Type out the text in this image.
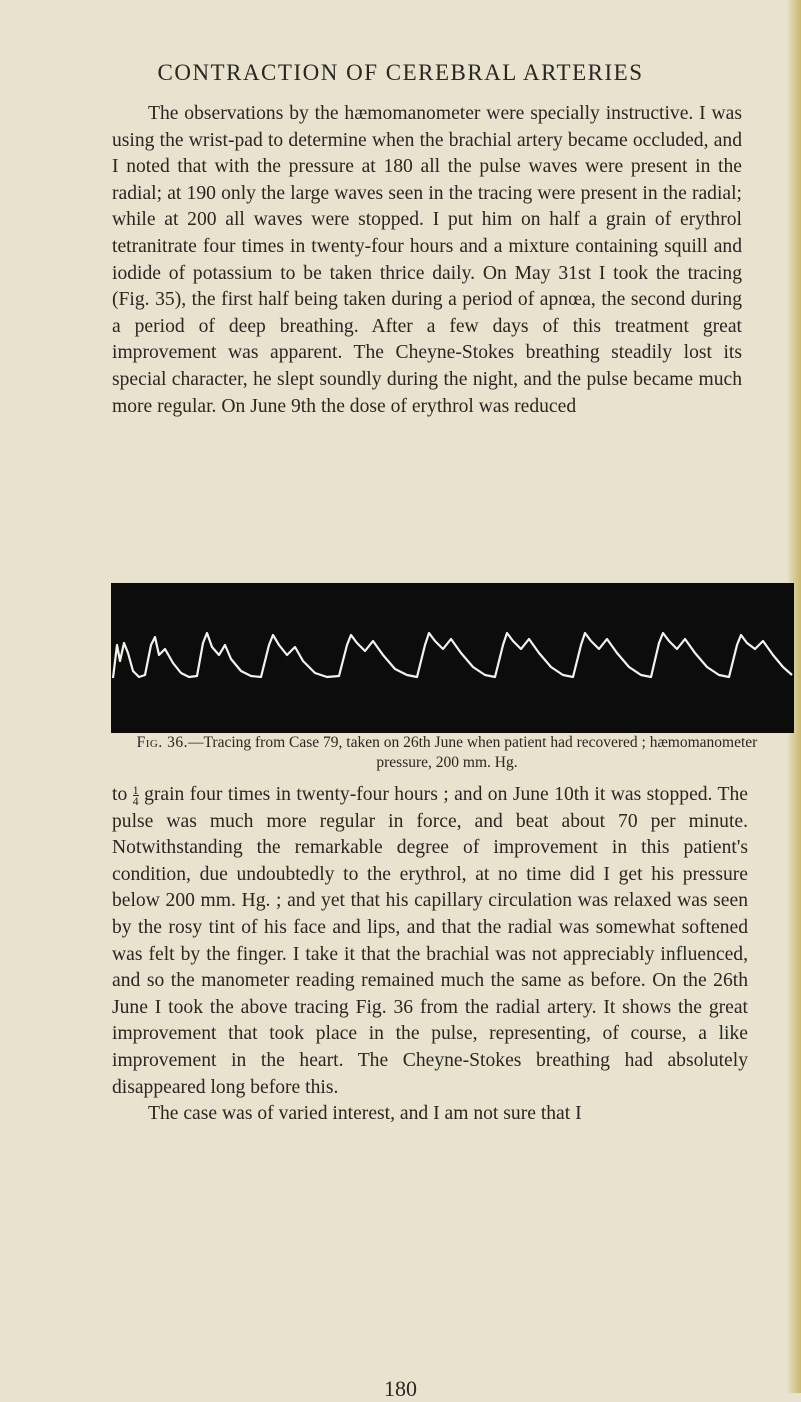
CONTRACTION OF CEREBRAL ARTERIES

The observations by the hæmomanometer were specially instructive. I was using the wrist-pad to determine when the brachial artery became occluded, and I noted that with the pressure at 180 all the pulse waves were present in the radial; at 190 only the large waves seen in the tracing were present in the radial; while at 200 all waves were stopped. I put him on half a grain of erythrol tetranitrate four times in twenty-four hours and a mixture containing squill and iodide of potassium to be taken thrice daily. On May 31st I took the tracing (Fig. 35), the first half being taken during a period of apnœa, the second during a period of deep breathing. After a few days of this treatment great improvement was apparent. The Cheyne-Stokes breathing steadily lost its special character, he slept soundly during the night, and the pulse became much more regular. On June 9th the dose of erythrol was reduced

Fig. 36.—Tracing from Case 79, taken on 26th June when patient had recovered ; hæmomanometer pressure, 200 mm. Hg.

to $\frac{1}{4}$ grain four times in twenty-four hours ; and on June 10th it was stopped. The pulse was much more regular in force, and beat about 70 per minute. Notwithstanding the remarkable degree of improvement in this patient's condition, due undoubtedly to the erythrol, at no time did I get his pressure below 200 mm. Hg. ; and yet that his capillary circulation was relaxed was seen by the rosy tint of his face and lips, and that the radial was somewhat softened was felt by the finger. I take it that the brachial was not appreciably influenced, and so the manometer reading remained much the same as before. On the 26th June I took the above tracing Fig. 36 from the radial artery. It shows the great improvement that took place in the pulse, representing, of course, a like improvement in the heart. The Cheyne-Stokes breathing had absolutely disappeared long before this.

The case was of varied interest, and I am not sure that I

180
